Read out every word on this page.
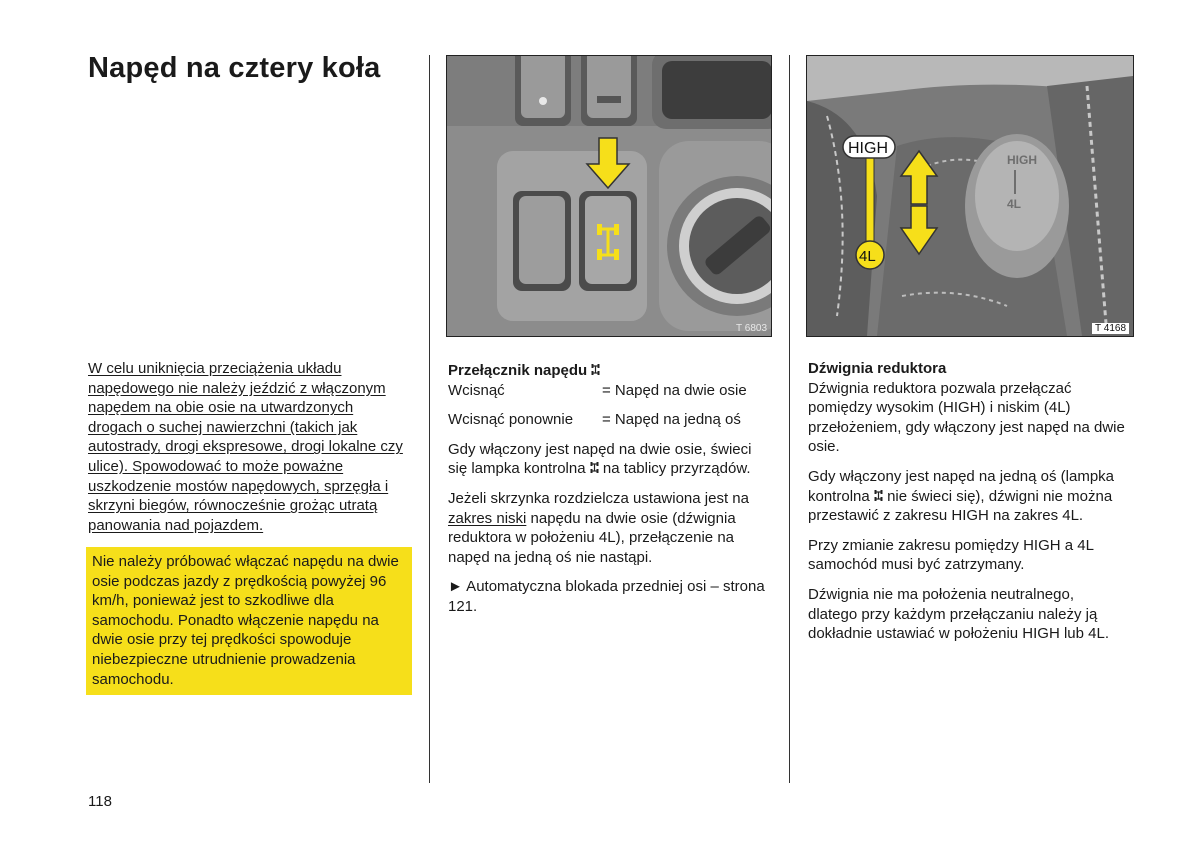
Napęd na cztery koła
T 6803
HIGH
4L
HIGH
4L
T 4168

W celu uniknięcia przeciążenia układu napędowego nie należy jeździć z włączonym napędem na obie osie na utwardzonych drogach o suchej nawierzchni (takich jak autostrady, drogi ekspresowe, drogi lokalne czy ulice). Spowodować to może poważne uszkodzenie mostów napędowych, sprzęgła i skrzyni biegów, równocześnie grożąc utratą panowania nad pojazdem.

Nie należy próbować włączać napędu na dwie osie podczas jazdy z prędkością powyżej 96 km/h, ponieważ jest to szkodliwe dla samochodu. Ponadto włączenie napędu na dwie osie przy tej prędkości spowoduje niebezpieczne utrudnienie prowadzenia samochodu.
Przełącznik napędu
Wcisnąć	= Napęd na dwie osie
Wcisnąć ponownie	= Napęd na jedną oś

Gdy włączony jest napęd na dwie osie, świeci się lampka kontrolna na tablicy przyrządów.

Jeżeli skrzynka rozdzielcza ustawiona jest na zakres niski napędu na dwie osie (dźwignia reduktora w położeniu 4L), przełączenie na napęd na jedną oś nie nastąpi.

► Automatyczna blokada przedniej osi – strona 121.

Dźwignia reduktora

Dźwignia reduktora pozwala przełączać pomiędzy wysokim (HIGH) i niskim (4L) przełożeniem, gdy włączony jest napęd na dwie osie.

Gdy włączony jest napęd na jedną oś (lampka kontrolna nie świeci się), dźwigni nie można przestawić z zakresu HIGH na zakres 4L.

Przy zmianie zakresu pomiędzy HIGH a 4L samochód musi być zatrzymany.

Dźwignia nie ma położenia neutralnego, dlatego przy każdym przełączaniu należy ją dokładnie ustawiać w położeniu HIGH lub 4L.

118
